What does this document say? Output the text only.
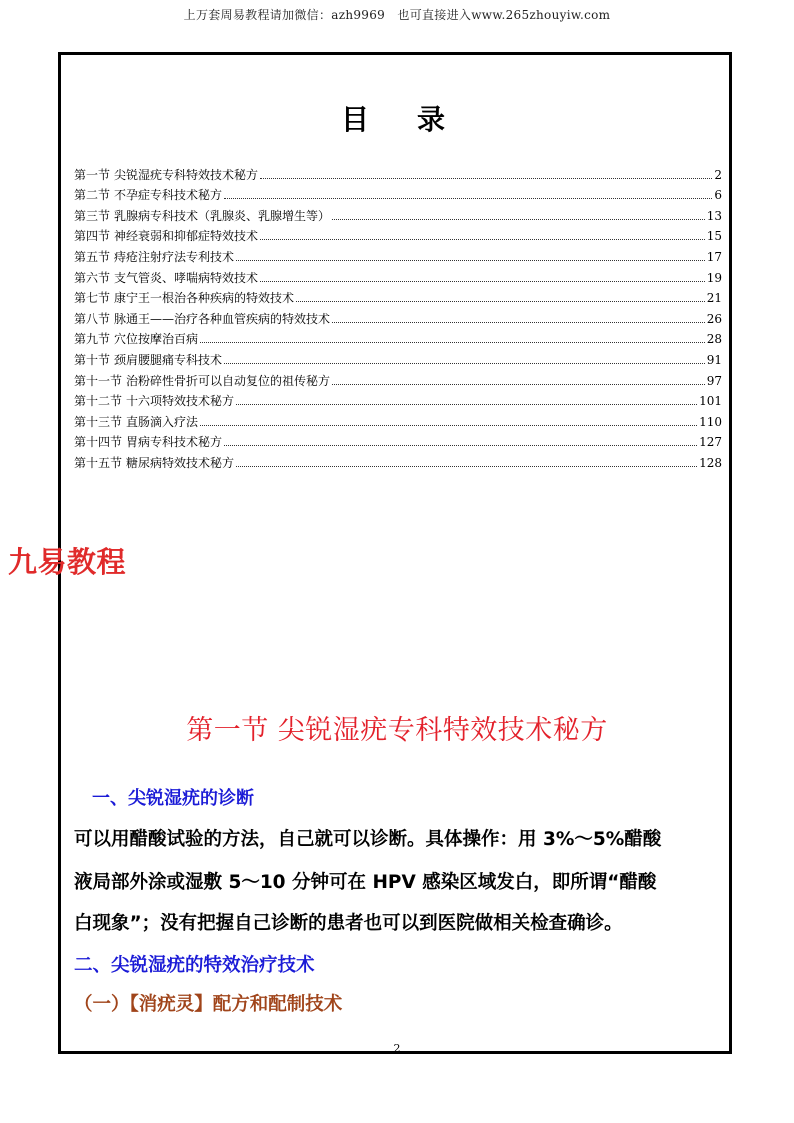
上万套周易教程请加微信：azh9969　也可直接进入www.265zhouyiw.com
目录
第一节 尖锐湿疣专科特效技术秘方	2
第二节 不孕症专科技术秘方	6
第三节 乳腺病专科技术（乳腺炎、乳腺增生等）	13
第四节 神经衰弱和抑郁症特效技术	15
第五节 痔疮注射疗法专利技术	17
第六节 支气管炎、哮喘病特效技术	19
第七节 康宁王一根治各种疾病的特效技术	21
第八节 脉通王——治疗各种血管疾病的特效技术	26
第九节 穴位按摩治百病	28
第十节 颈肩腰腿痛专科技术	91
第十一节 治粉碎性骨折可以自动复位的祖传秘方	97
第十二节 十六项特效技术秘方	101
第十三节 直肠滴入疗法	110
第十四节 胃病专科技术秘方	127
第十五节 糖尿病特效技术秘方	128
九易教程
第一节 尖锐湿疣专科特效技术秘方
一、尖锐湿疣的诊断
可以用醋酸试验的方法，自己就可以诊断。具体操作：用 3%～5%醋酸
液局部外涂或湿敷 5～10 分钟可在 HPV 感染区域发白，即所谓“醋酸
白现象”；没有把握自己诊断的患者也可以到医院做相关检查确诊。
二、尖锐湿疣的特效治疗技术
（一）【消疣灵】配方和配制技术
2
